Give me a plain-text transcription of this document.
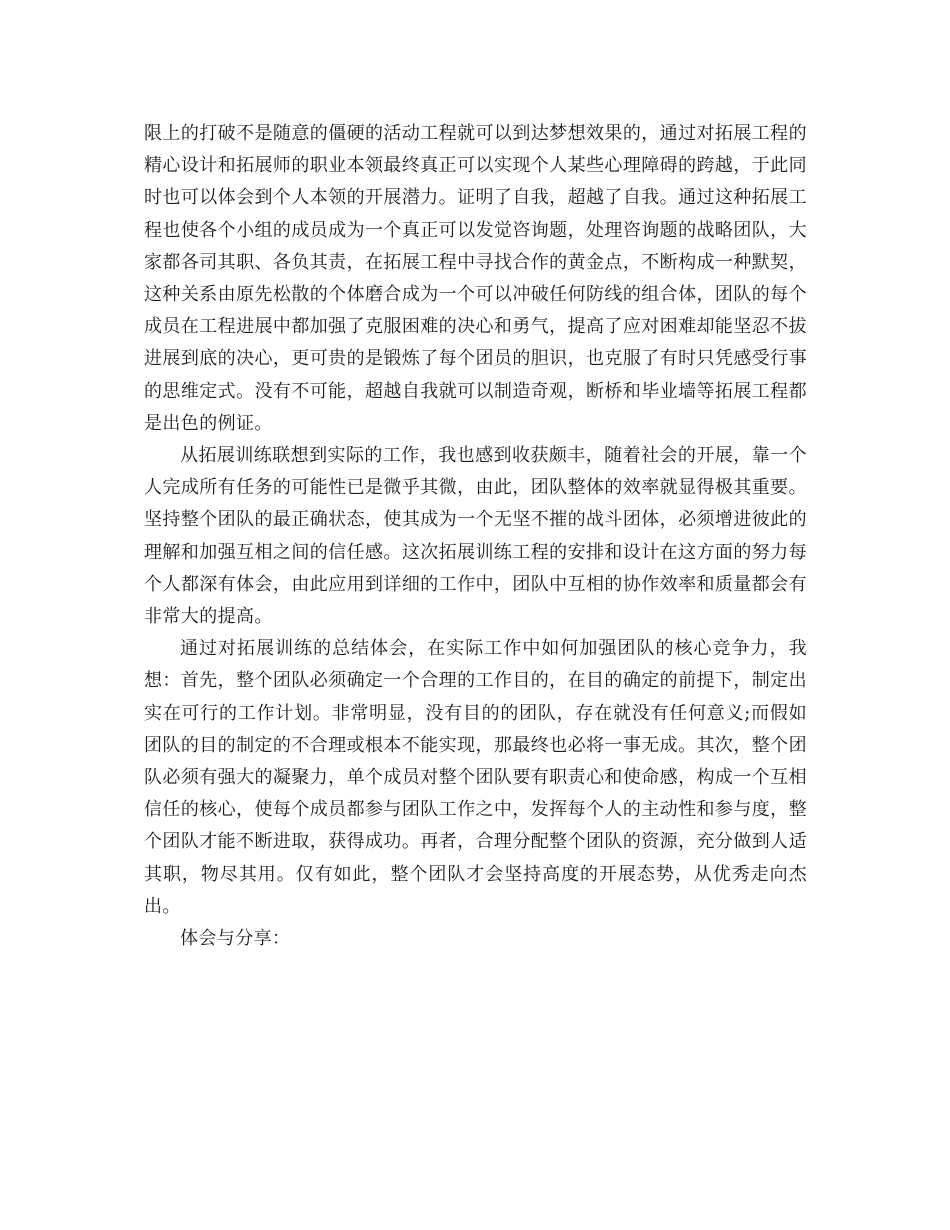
限上的打破不是随意的僵硬的活动工程就可以到达梦想效果的，通过对拓展工程的精心设计和拓展师的职业本领最终真正可以实现个人某些心理障碍的跨越，于此同时也可以体会到个人本领的开展潜力。证明了自我，超越了自我。通过这种拓展工程也使各个小组的成员成为一个真正可以发觉咨询题，处理咨询题的战略团队，大家都各司其职、各负其责，在拓展工程中寻找合作的黄金点，不断构成一种默契，这种关系由原先松散的个体磨合成为一个可以冲破任何防线的组合体，团队的每个成员在工程进展中都加强了克服困难的决心和勇气，提高了应对困难却能坚忍不拔进展到底的决心，更可贵的是锻炼了每个团员的胆识，也克服了有时只凭感受行事的思维定式。没有不可能，超越自我就可以制造奇观，断桥和毕业墙等拓展工程都是出色的例证。

从拓展训练联想到实际的工作，我也感到收获颇丰，随着社会的开展，靠一个人完成所有任务的可能性已是微乎其微，由此，团队整体的效率就显得极其重要。坚持整个团队的最正确状态，使其成为一个无坚不摧的战斗团体，必须增进彼此的理解和加强互相之间的信任感。这次拓展训练工程的安排和设计在这方面的努力每个人都深有体会，由此应用到详细的工作中，团队中互相的协作效率和质量都会有非常大的提高。

通过对拓展训练的总结体会，在实际工作中如何加强团队的核心竞争力，我想：首先，整个团队必须确定一个合理的工作目的，在目的确定的前提下，制定出实在可行的工作计划。非常明显，没有目的的团队，存在就没有任何意义;而假如团队的目的制定的不合理或根本不能实现，那最终也必将一事无成。其次，整个团队必须有强大的凝聚力，单个成员对整个团队要有职责心和使命感，构成一个互相信任的核心，使每个成员都参与团队工作之中，发挥每个人的主动性和参与度，整个团队才能不断进取，获得成功。再者，合理分配整个团队的资源，充分做到人适其职，物尽其用。仅有如此，整个团队才会坚持高度的开展态势，从优秀走向杰出。

体会与分享：
